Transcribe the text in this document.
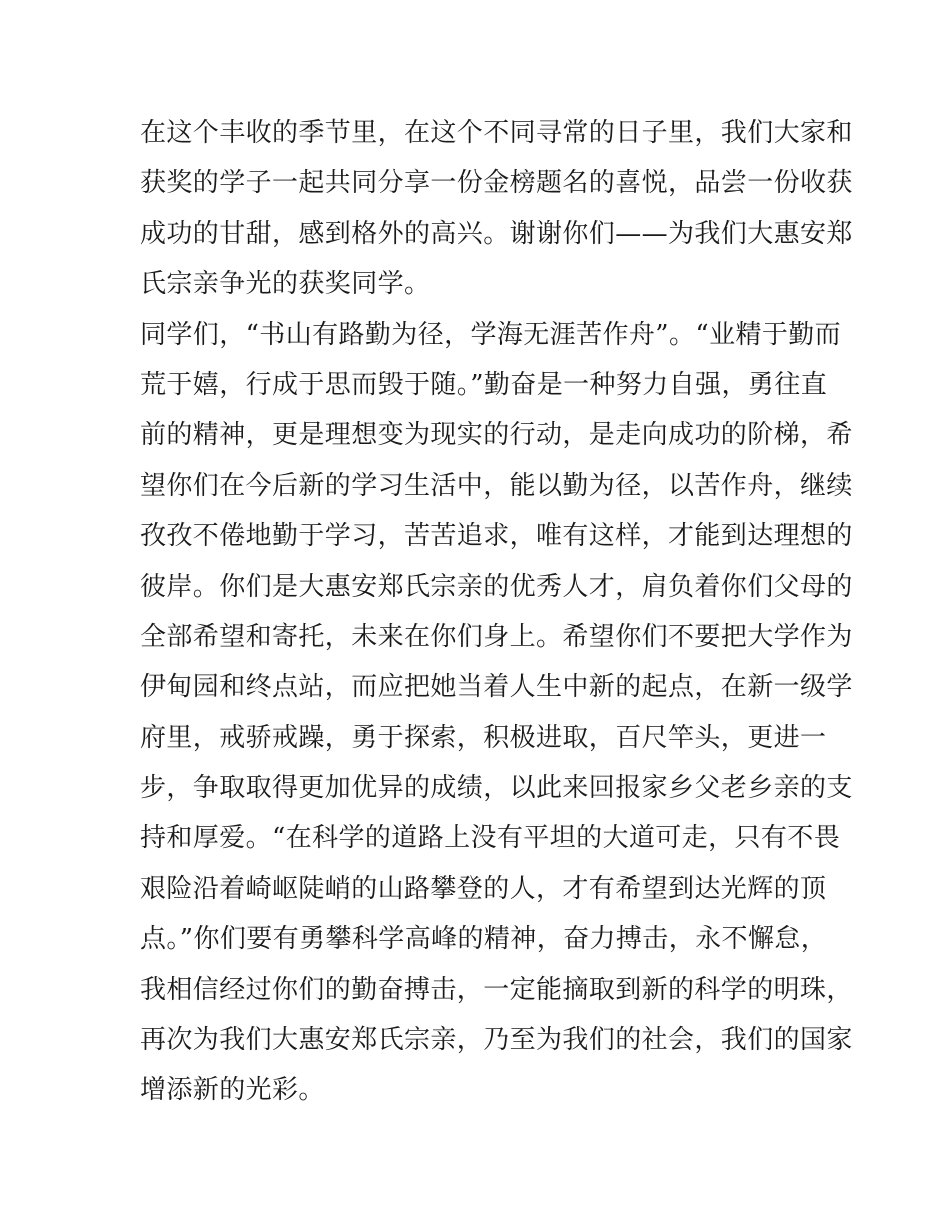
在这个丰收的季节里，在这个不同寻常的日子里，我们大家和
获奖的学子一起共同分享一份金榜题名的喜悦，品尝一份收获
成功的甘甜，感到格外的高兴。谢谢你们——为我们大惠安郑
氏宗亲争光的获奖同学。
同学们，“书山有路勤为径，学海无涯苦作舟”。“业精于勤而
荒于嬉，行成于思而毁于随。”勤奋是一种努力自强，勇往直
前的精神，更是理想变为现实的行动，是走向成功的阶梯，希
望你们在今后新的学习生活中，能以勤为径，以苦作舟，继续
孜孜不倦地勤于学习，苦苦追求，唯有这样，才能到达理想的
彼岸。你们是大惠安郑氏宗亲的优秀人才，肩负着你们父母的
全部希望和寄托，未来在你们身上。希望你们不要把大学作为
伊甸园和终点站，而应把她当着人生中新的起点，在新一级学
府里，戒骄戒躁，勇于探索，积极进取，百尺竿头，更进一
步，争取取得更加优异的成绩，以此来回报家乡父老乡亲的支
持和厚爱。“在科学的道路上没有平坦的大道可走，只有不畏
艰险沿着崎岖陡峭的山路攀登的人，才有希望到达光辉的顶
点。”你们要有勇攀科学高峰的精神，奋力搏击，永不懈怠，
我相信经过你们的勤奋搏击，一定能摘取到新的科学的明珠，
再次为我们大惠安郑氏宗亲，乃至为我们的社会，我们的国家
增添新的光彩。
